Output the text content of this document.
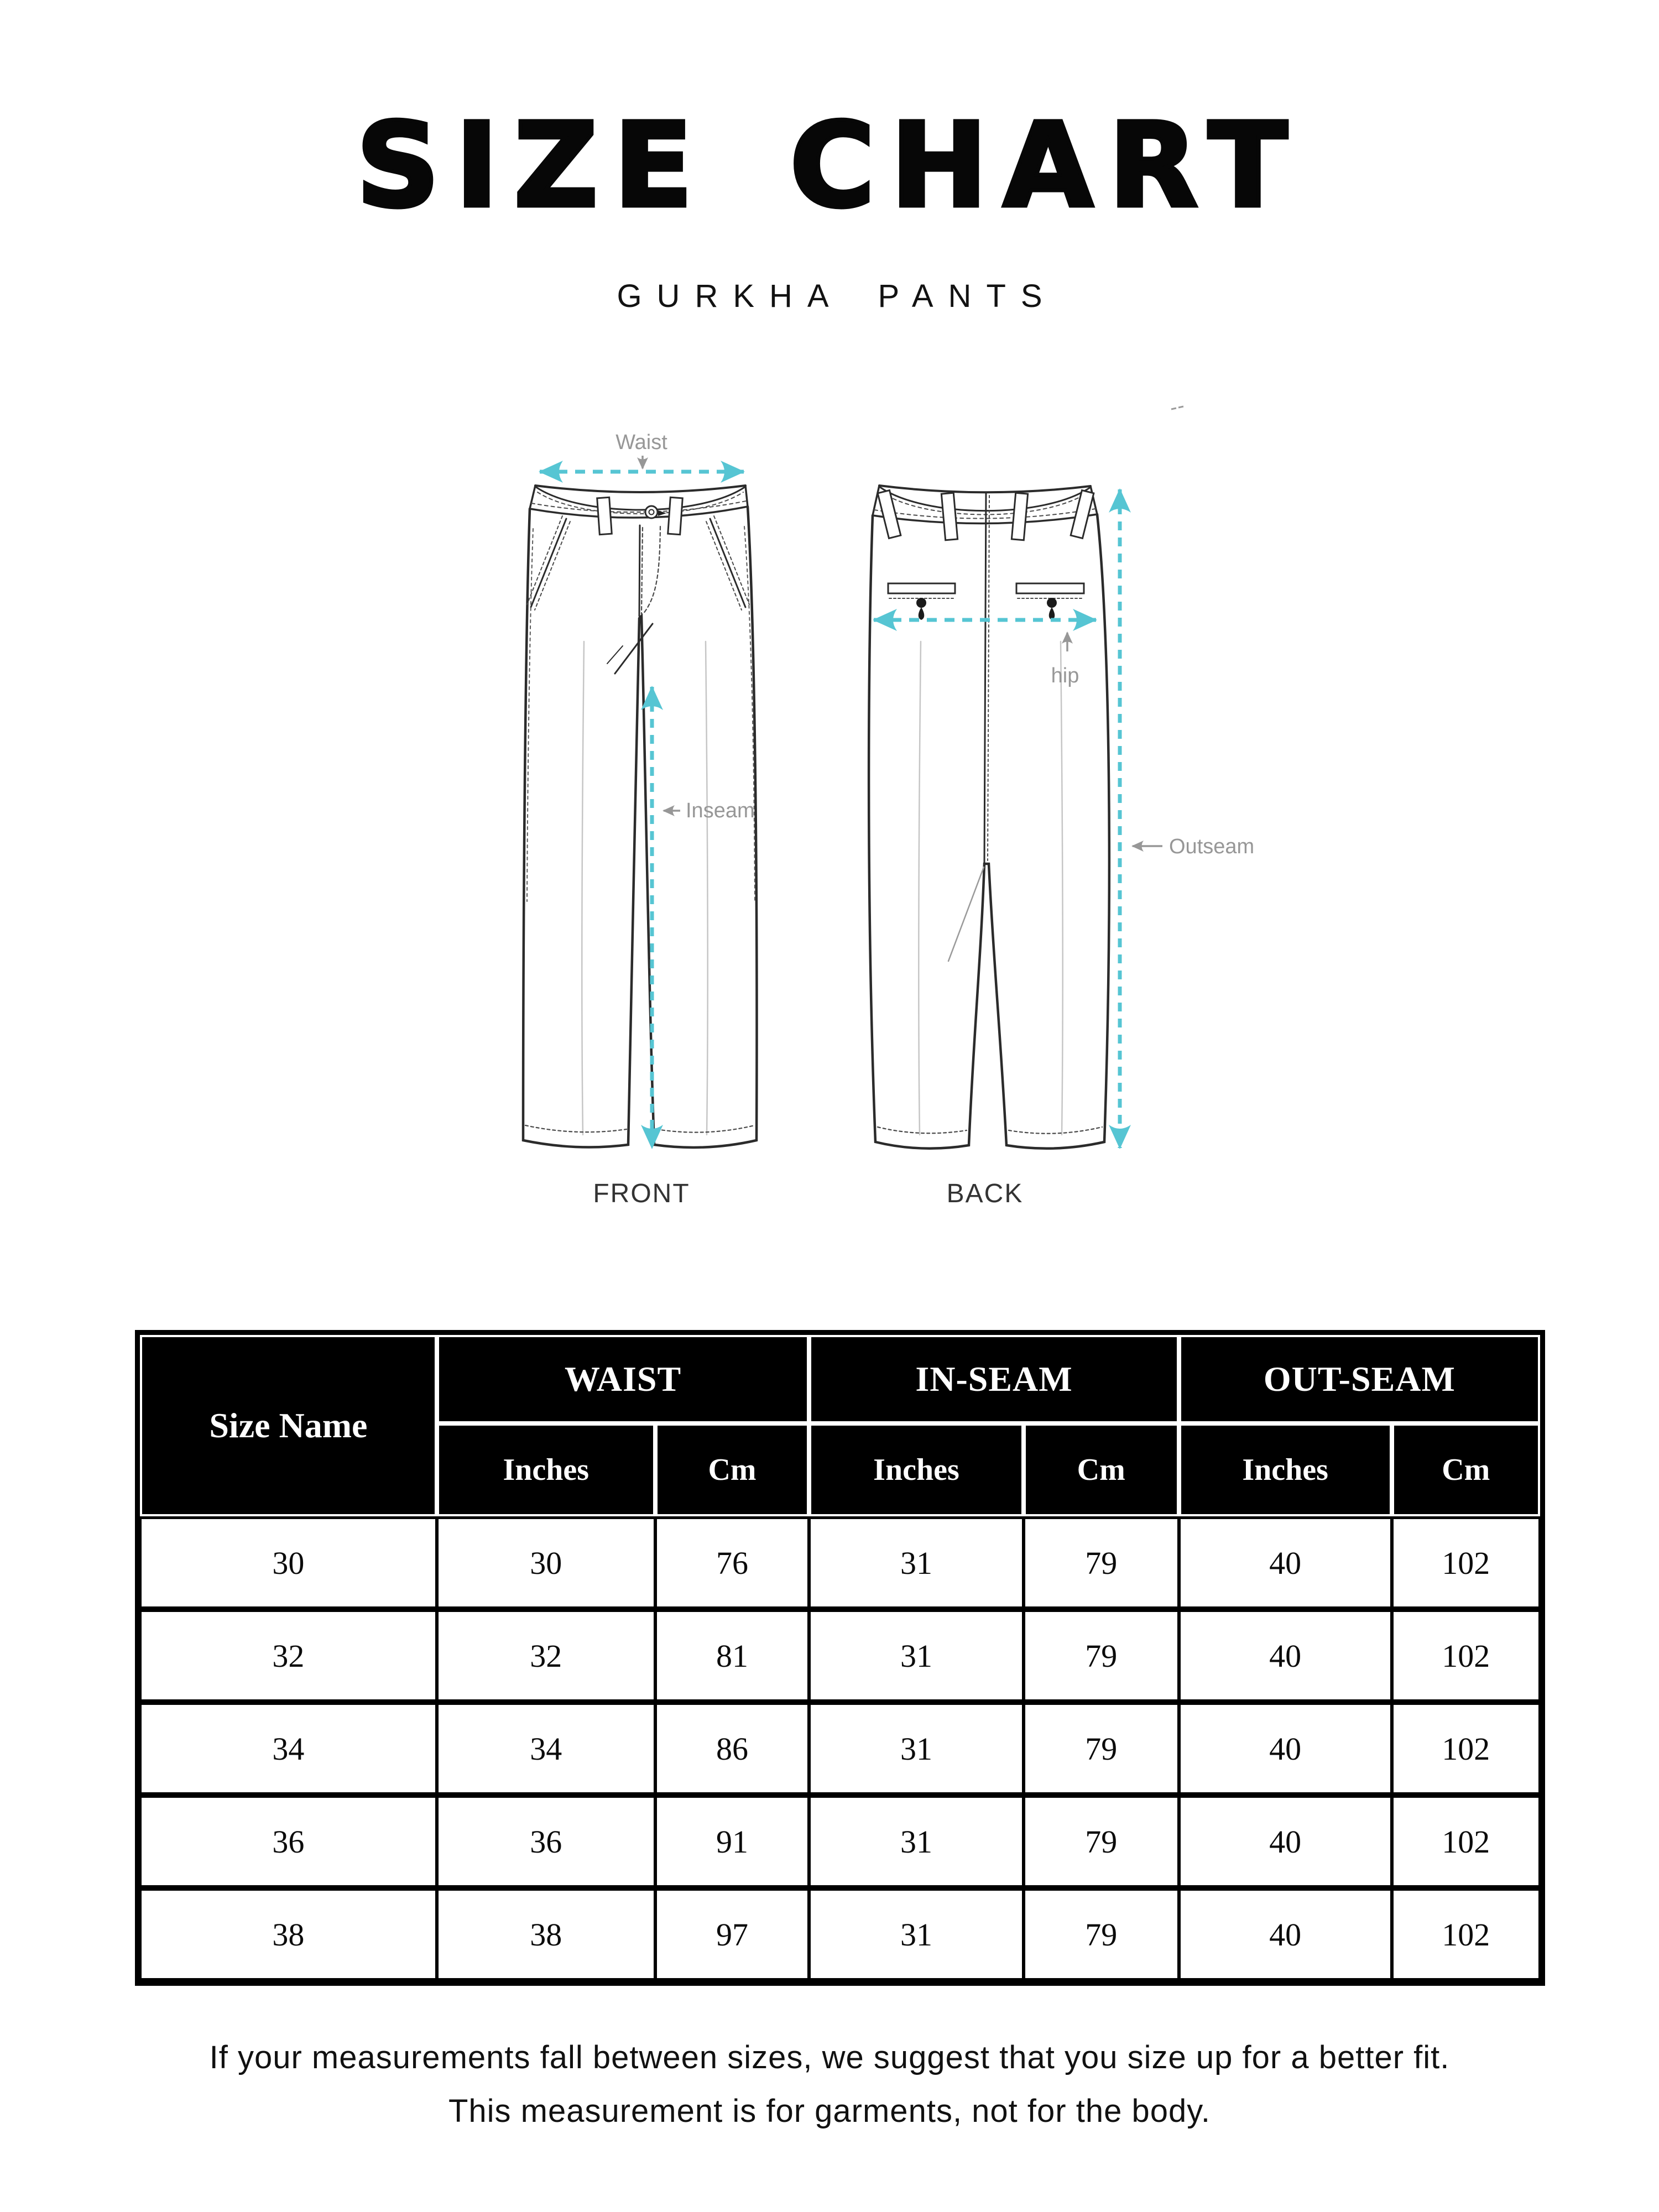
SIZE CHART
GURKHA PANTS
Waist
Inseam
hip
Outseam
FRONT	BACK
Size Name	WAIST		IN-SEAM		OUT-SEAM	
	Inches	Cm	Inches	Cm	Inches	Cm
30	30	76	31	79	40	102
32	32	81	31	79	40	102
34	34	86	31	79	40	102
36	36	91	31	79	40	102
38	38	97	31	79	40	102
If your measurements fall between sizes, we suggest that you size up for a better fit.
This measurement is for garments, not for the body.
